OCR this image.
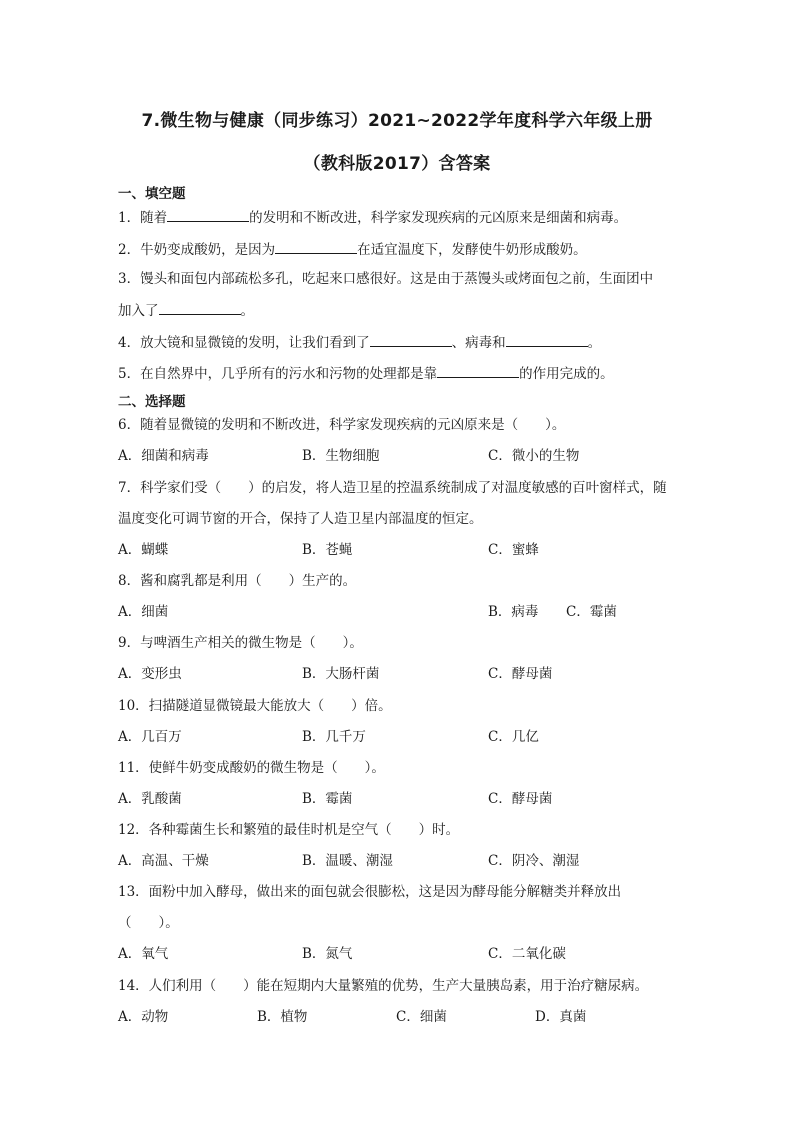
7.微生物与健康（同步练习）2021~2022学年度科学六年级上册
（教科版2017）含答案
一、填空题
1．随着	的发明和不断改进，科学家发现疾病的元凶原来是细菌和病毒。
2．牛奶变成酸奶，是因为	在适宜温度下，发酵使牛奶形成酸奶。
3．馒头和面包内部疏松多孔，吃起来口感很好。这是由于蒸馒头或烤面包之前，生面团中
加入了	。
4．放大镜和显微镜的发明，让我们看到了	、病毒和	。
5．在自然界中，几乎所有的污水和污物的处理都是靠	的作用完成的。
二、选择题
6．随着显微镜的发明和不断改进，科学家发现疾病的元凶原来是（　　）。
A．细菌和病毒	B．生物细胞	C．微小的生物
7．科学家们受（　　）的启发，将人造卫星的控温系统制成了对温度敏感的百叶窗样式，随
温度变化可调节窗的开合，保持了人造卫星内部温度的恒定。
A．蝴蝶	B．苍蝇	C．蜜蜂
8．酱和腐乳都是利用（　　）生产的。
A．细菌	B．病毒 C．霉菌
9．与啤酒生产相关的微生物是（　　）。
A．变形虫	B．大肠杆菌	C．酵母菌
10．扫描隧道显微镜最大能放大（　　）倍。
A．几百万	B．几千万	C．几亿
11．使鲜牛奶变成酸奶的微生物是（　　）。
A．乳酸菌	B．霉菌	C．酵母菌
12．各种霉菌生长和繁殖的最佳时机是空气（　　）时。
A．高温、干燥	B．温暖、潮湿	C．阴冷、潮湿
13．面粉中加入酵母，做出来的面包就会很膨松，这是因为酵母能分解糖类并释放出
（　　）。
A．氧气	B．氮气	C．二氧化碳
14．人们利用（　　）能在短期内大量繁殖的优势，生产大量胰岛素，用于治疗糖尿病。
A．动物	B．植物	C．细菌	D．真菌
